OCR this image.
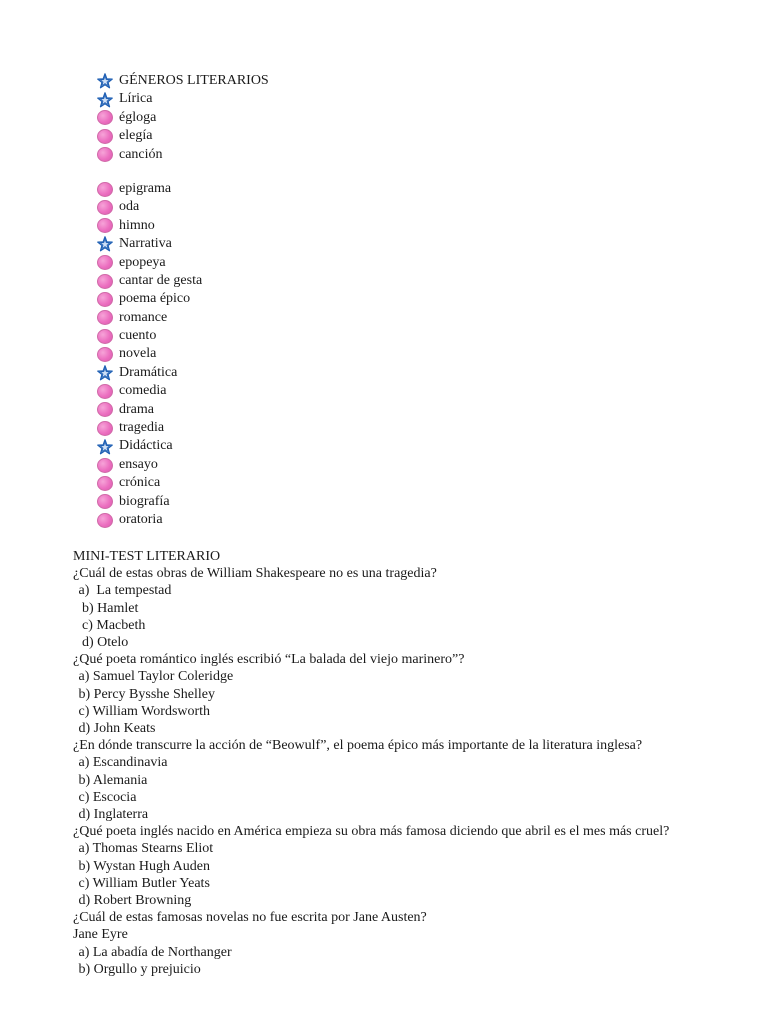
GÉNEROS LITERARIOS
Lírica
égloga
elegía
canción
epigrama
oda
himno
Narrativa
epopeya
cantar de gesta
poema épico
romance
cuento
novela
Dramática
comedia
drama
tragedia
Didáctica
ensayo
crónica
biografía
oratoria
MINI-TEST LITERARIO
¿Cuál de estas obras de William Shakespeare no es una tragedia?
a)  La tempestad
b) Hamlet
c) Macbeth
d) Otelo
¿Qué poeta romántico inglés escribió “La balada del viejo marinero”?
a) Samuel Taylor Coleridge
b) Percy Bysshe Shelley
c) William Wordsworth
d) John Keats
¿En dónde transcurre la acción de “Beowulf”, el poema épico más importante de la literatura inglesa?
a) Escandinavia
b) Alemania
c) Escocia
d) Inglaterra
¿Qué poeta inglés nacido en América empieza su obra más famosa diciendo que abril es el mes más cruel?
a) Thomas Stearns Eliot
b) Wystan Hugh Auden
c) William Butler Yeats
d) Robert Browning
¿Cuál de estas famosas novelas no fue escrita por Jane Austen?
Jane Eyre
a) La abadía de Northanger
b) Orgullo y prejuicio
